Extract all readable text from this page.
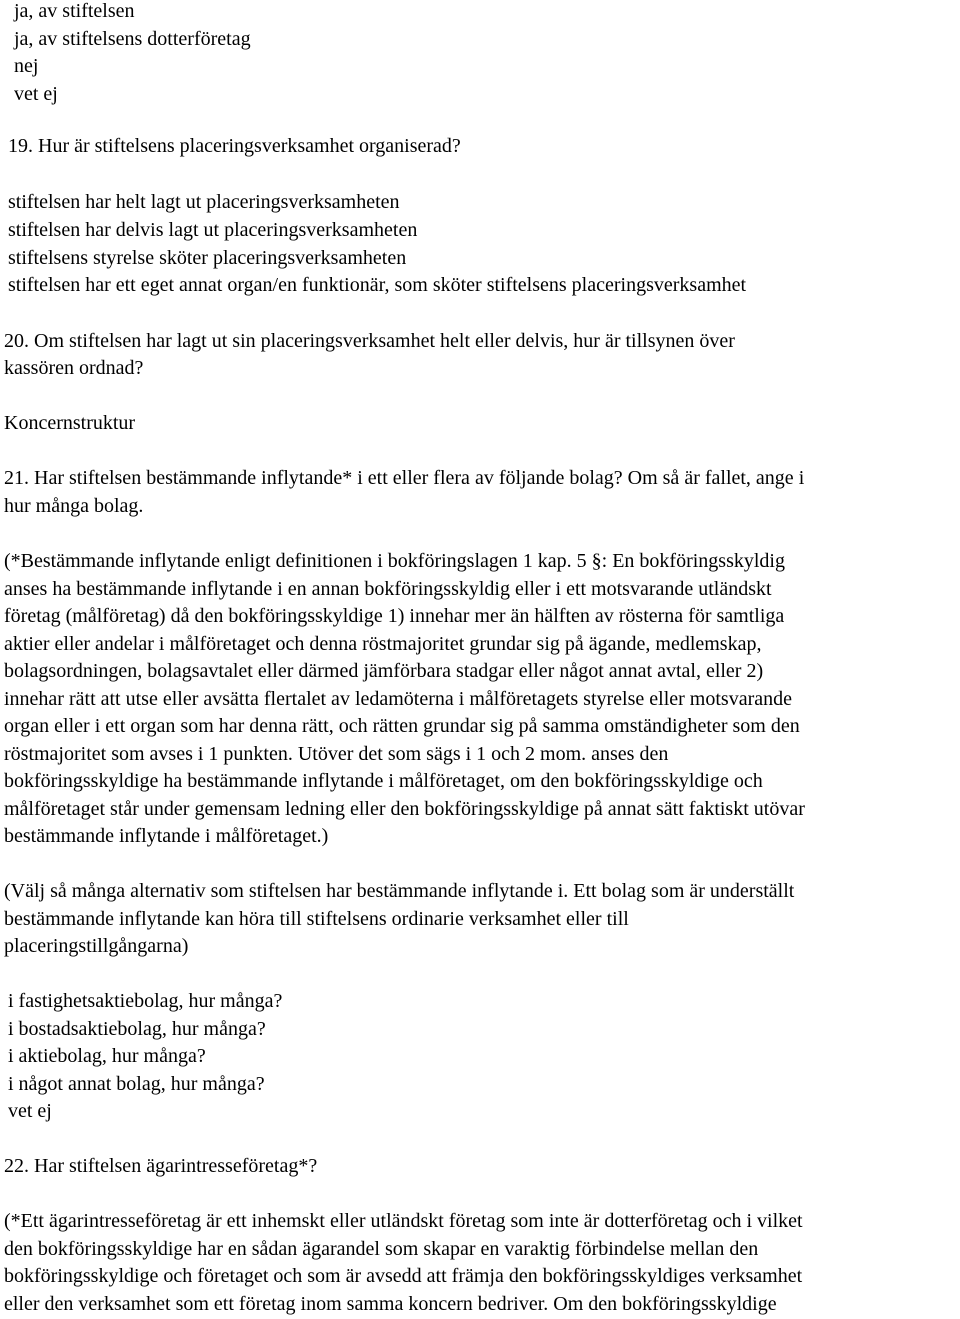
ja, av stiftelsen
ja, av stiftelsens dotterföretag
nej
vet ej
19. Hur är stiftelsens placeringsverksamhet organiserad?
stiftelsen har helt lagt ut placeringsverksamheten
stiftelsen har delvis lagt ut placeringsverksamheten
stiftelsens styrelse sköter placeringsverksamheten
stiftelsen har ett eget annat organ/en funktionär, som sköter stiftelsens placeringsverksamhet
20. Om stiftelsen har lagt ut sin placeringsverksamhet helt eller delvis, hur är tillsynen över
kassören ordnad?
Koncernstruktur
21. Har stiftelsen bestämmande inflytande* i ett eller flera av följande bolag? Om så är fallet, ange i
hur många bolag.
(*Bestämmande inflytande enligt definitionen i bokföringslagen 1 kap. 5 §: En bokföringsskyldig
anses ha bestämmande inflytande i en annan bokföringsskyldig eller i ett motsvarande utländskt
företag (målföretag) då den bokföringsskyldige 1) innehar mer än hälften av rösterna för samtliga
aktier eller andelar i målföretaget och denna röstmajoritet grundar sig på ägande, medlemskap,
bolagsordningen, bolagsavtalet eller därmed jämförbara stadgar eller något annat avtal, eller 2)
innehar rätt att utse eller avsätta flertalet av ledamöterna i målföretagets styrelse eller motsvarande
organ eller i ett organ som har denna rätt, och rätten grundar sig på samma omständigheter som den
röstmajoritet som avses i 1 punkten. Utöver det som sägs i 1 och 2 mom. anses den
bokföringsskyldige ha bestämmande inflytande i målföretaget, om den bokföringsskyldige och
målföretaget står under gemensam ledning eller den bokföringsskyldige på annat sätt faktiskt utövar
bestämmande inflytande i målföretaget.)
(Välj så många alternativ som stiftelsen har bestämmande inflytande i. Ett bolag som är underställt
bestämmande inflytande kan höra till stiftelsens ordinarie verksamhet eller till
placeringstillgångarna)
i fastighetsaktiebolag, hur många?
i bostadsaktiebolag, hur många?
i aktiebolag, hur många?
i något annat bolag, hur många?
vet ej
22. Har stiftelsen ägarintresseföretag*?
(*Ett ägarintresseföretag är ett inhemskt eller utländskt företag som inte är dotterföretag och i vilket
den bokföringsskyldige har en sådan ägarandel som skapar en varaktig förbindelse mellan den
bokföringsskyldige och företaget och som är avsedd att främja den bokföringsskyldiges verksamhet
eller den verksamhet som ett företag inom samma koncern bedriver. Om den bokföringsskyldige
